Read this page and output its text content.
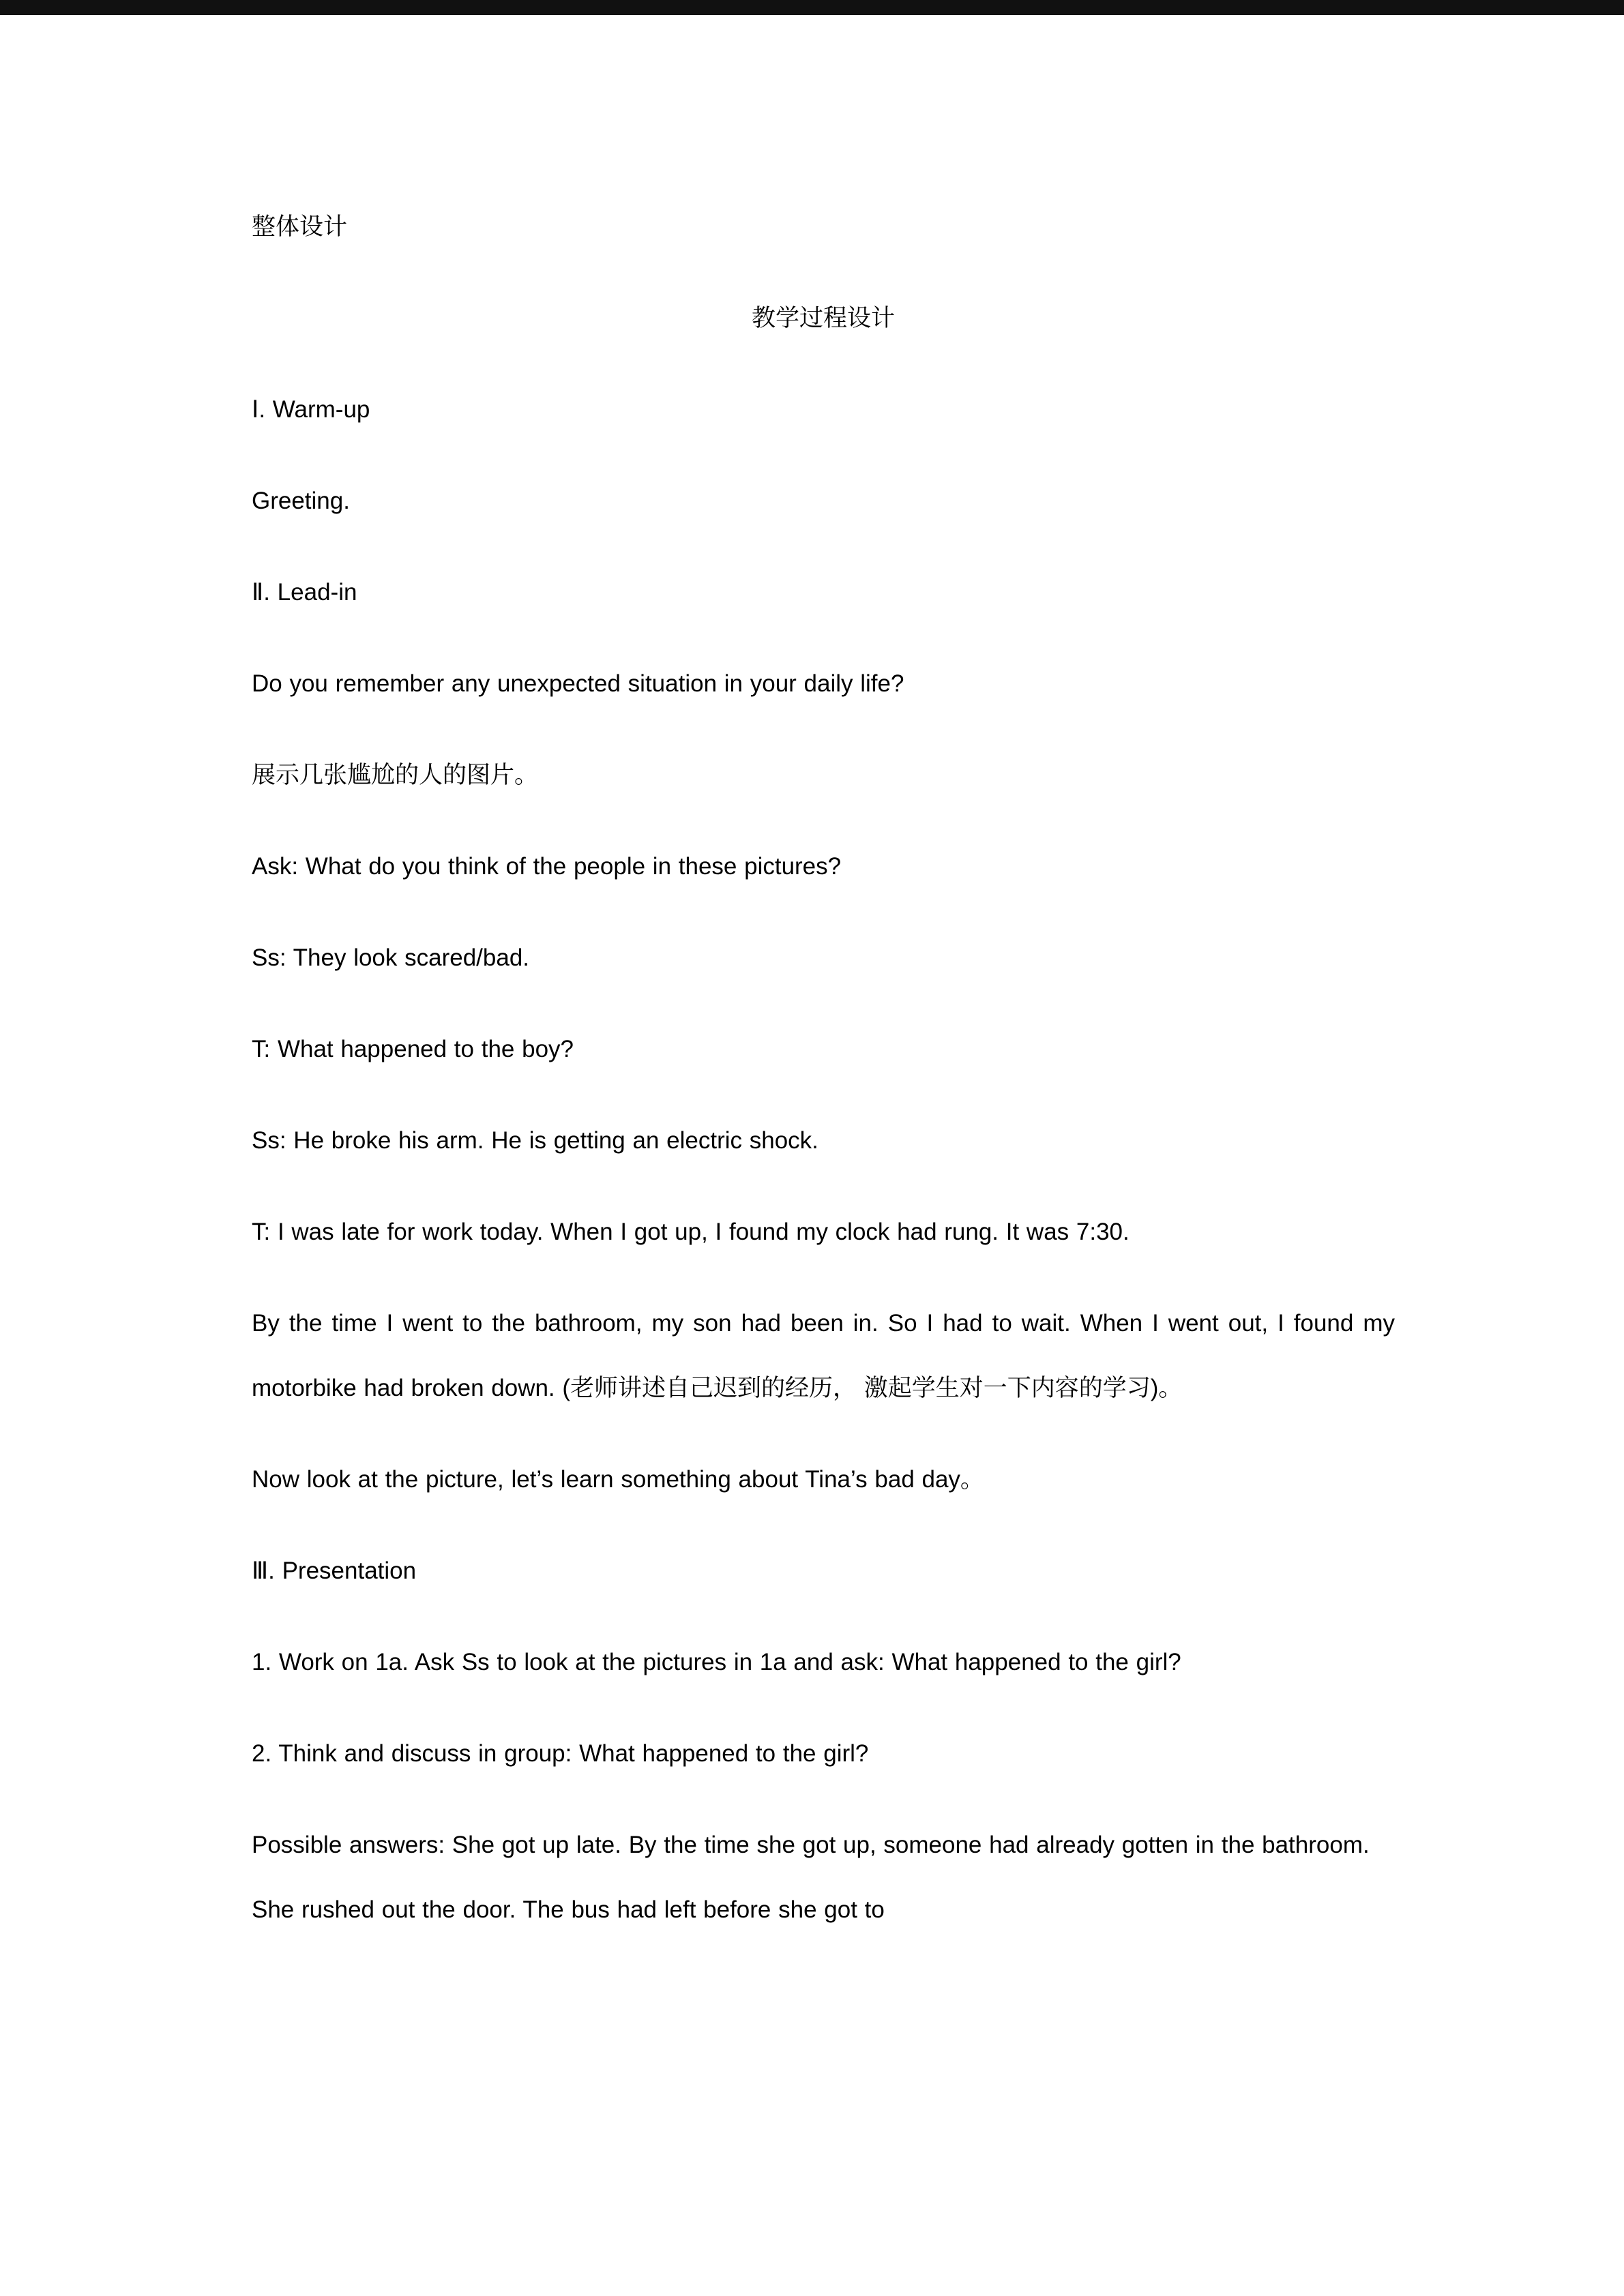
整体设计

教学过程设计

Ⅰ. Warm-up

Greeting.

Ⅱ. Lead-in

Do you remember any unexpected situation in your daily life?

展示几张尴尬的人的图片。

Ask: What do you think of the people in these pictures?

Ss: They look scared/bad.

T: What happened to the boy?

Ss: He broke his arm. He is getting an electric shock.

T: I was late for work today. When I got up, I found my clock had rung. It was 7:30.

By the time I went to the bathroom, my son had been in. So I had to wait. When I went out, I found my motorbike had broken down. (老师讲述自己迟到的经历， 激起学生对一下内容的学习)。

Now look at the picture, let’s learn something about Tina’s bad day。

Ⅲ. Presentation

1. Work on 1a. Ask Ss to look at the pictures in 1a and ask: What happened to the girl?

2. Think and discuss in group: What happened to the girl?

Possible answers: She got up late. By the time she got up, someone had already gotten in the bathroom. She rushed out the door. The bus had left before she got to
